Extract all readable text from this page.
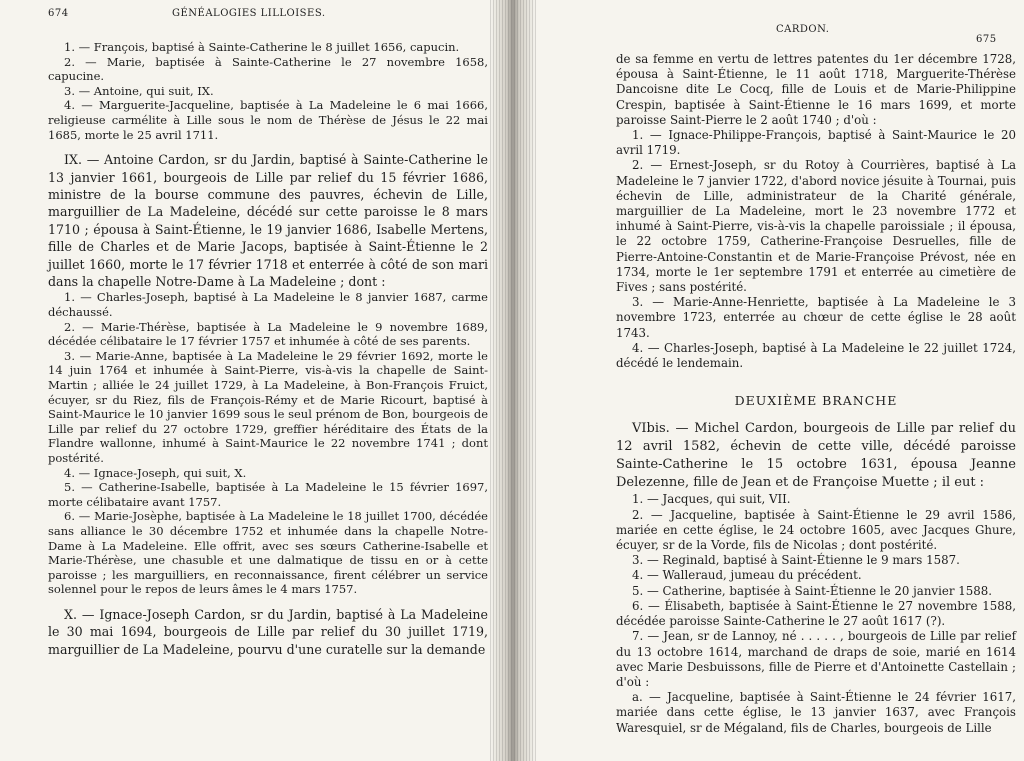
674	GÉNÉALOGIES LILLOISES.

1. — François, baptisé à Sainte-Catherine le 8 juillet 1656, capucin.

2. — Marie, baptisée à Sainte-Catherine le 27 novembre 1658, capucine.

3. — Antoine, qui suit, IX.

4. — Marguerite-Jacqueline, baptisée à La Madeleine le 6 mai 1666, religieuse carmélite à Lille sous le nom de Thérèse de Jésus le 22 mai 1685, morte le 25 avril 1711.

IX. — Antoine Cardon, sr du Jardin, baptisé à Sainte-Catherine le 13 janvier 1661, bourgeois de Lille par relief du 15 février 1686, ministre de la bourse commune des pauvres, échevin de Lille, marguillier de La Madeleine, décédé sur cette paroisse le 8 mars 1710 ; épousa à Saint-Étienne, le 19 janvier 1686, Isabelle Mertens, fille de Charles et de Marie Jacops, baptisée à Saint-Étienne le 2 juillet 1660, morte le 17 février 1718 et enterrée à côté de son mari dans la chapelle Notre-Dame à La Madeleine ; dont :

1. — Charles-Joseph, baptisé à La Madeleine le 8 janvier 1687, carme déchaussé.

2. — Marie-Thérèse, baptisée à La Madeleine le 9 novembre 1689, décédée célibataire le 17 février 1757 et inhumée à côté de ses parents.

3. — Marie-Anne, baptisée à La Madeleine le 29 février 1692, morte le 14 juin 1764 et inhumée à Saint-Pierre, vis-à-vis la chapelle de Saint-Martin ; alliée le 24 juillet 1729, à La Madeleine, à Bon-François Fruict, écuyer, sr du Riez, fils de François-Rémy et de Marie Ricourt, baptisé à Saint-Maurice le 10 janvier 1699 sous le seul prénom de Bon, bourgeois de Lille par relief du 27 octobre 1729, greffier héréditaire des États de la Flandre wallonne, inhumé à Saint-Maurice le 22 novembre 1741 ; dont postérité.

4. — Ignace-Joseph, qui suit, X.

5. — Catherine-Isabelle, baptisée à La Madeleine le 15 février 1697, morte célibataire avant 1757.

6. — Marie-Josèphe, baptisée à La Madeleine le 18 juillet 1700, décédée sans alliance le 30 décembre 1752 et inhumée dans la chapelle Notre-Dame à La Madeleine. Elle offrit, avec ses sœurs Catherine-Isabelle et Marie-Thérèse, une chasuble et une dalmatique de tissu en or à cette paroisse ; les marguilliers, en reconnaissance, firent célébrer un service solennel pour le repos de leurs âmes le 4 mars 1757.

X. — Ignace-Joseph Cardon, sr du Jardin, baptisé à La Madeleine le 30 mai 1694, bourgeois de Lille par relief du 30 juillet 1719, marguillier de La Madeleine, pourvu d'une curatelle sur la demande

CARDON.
675

de sa femme en vertu de lettres patentes du 1er décembre 1728, épousa à Saint-Étienne, le 11 août 1718, Marguerite-Thérèse Dancoisne dite Le Cocq, fille de Louis et de Marie-Philippine Crespin, baptisée à Saint-Étienne le 16 mars 1699, et morte paroisse Saint-Pierre le 2 août 1740 ; d'où :

1. — Ignace-Philippe-François, baptisé à Saint-Maurice le 20 avril 1719.

2. — Ernest-Joseph, sr du Rotoy à Courrières, baptisé à La Madeleine le 7 janvier 1722, d'abord novice jésuite à Tournai, puis échevin de Lille, administrateur de la Charité générale, marguillier de La Madeleine, mort le 23 novembre 1772 et inhumé à Saint-Pierre, vis-à-vis la chapelle paroissiale ; il épousa, le 22 octobre 1759, Catherine-Françoise Desruelles, fille de Pierre-Antoine-Constantin et de Marie-Françoise Prévost, née en 1734, morte le 1er septembre 1791 et enterrée au cimetière de Fives ; sans postérité.

3. — Marie-Anne-Henriette, baptisée à La Madeleine le 3 novembre 1723, enterrée au chœur de cette église le 28 août 1743.

4. — Charles-Joseph, baptisé à La Madeleine le 22 juillet 1724, décédé le lendemain.

DEUXIÈME BRANCHE

VIbis. — Michel Cardon, bourgeois de Lille par relief du 12 avril 1582, échevin de cette ville, décédé paroisse Sainte-Catherine le 15 octobre 1631, épousa Jeanne Delezenne, fille de Jean et de Françoise Muette ; il eut :

1. — Jacques, qui suit, VII.

2. — Jacqueline, baptisée à Saint-Étienne le 29 avril 1586, mariée en cette église, le 24 octobre 1605, avec Jacques Ghure, écuyer, sr de la Vorde, fils de Nicolas ; dont postérité.

3. — Reginald, baptisé à Saint-Étienne le 9 mars 1587.

4. — Walleraud, jumeau du précédent.

5. — Catherine, baptisée à Saint-Étienne le 20 janvier 1588.

6. — Élisabeth, baptisée à Saint-Étienne le 27 novembre 1588, décédée paroisse Sainte-Catherine le 27 août 1617 (?).

7. — Jean, sr de Lannoy, né . . . . . , bourgeois de Lille par relief du 13 octobre 1614, marchand de draps de soie, marié en 1614 avec Marie Desbuissons, fille de Pierre et d'Antoinette Castellain ; d'où :

a. — Jacqueline, baptisée à Saint-Étienne le 24 février 1617, mariée dans cette église, le 13 janvier 1637, avec François Waresquiel, sr de Mégaland, fils de Charles, bourgeois de Lille
